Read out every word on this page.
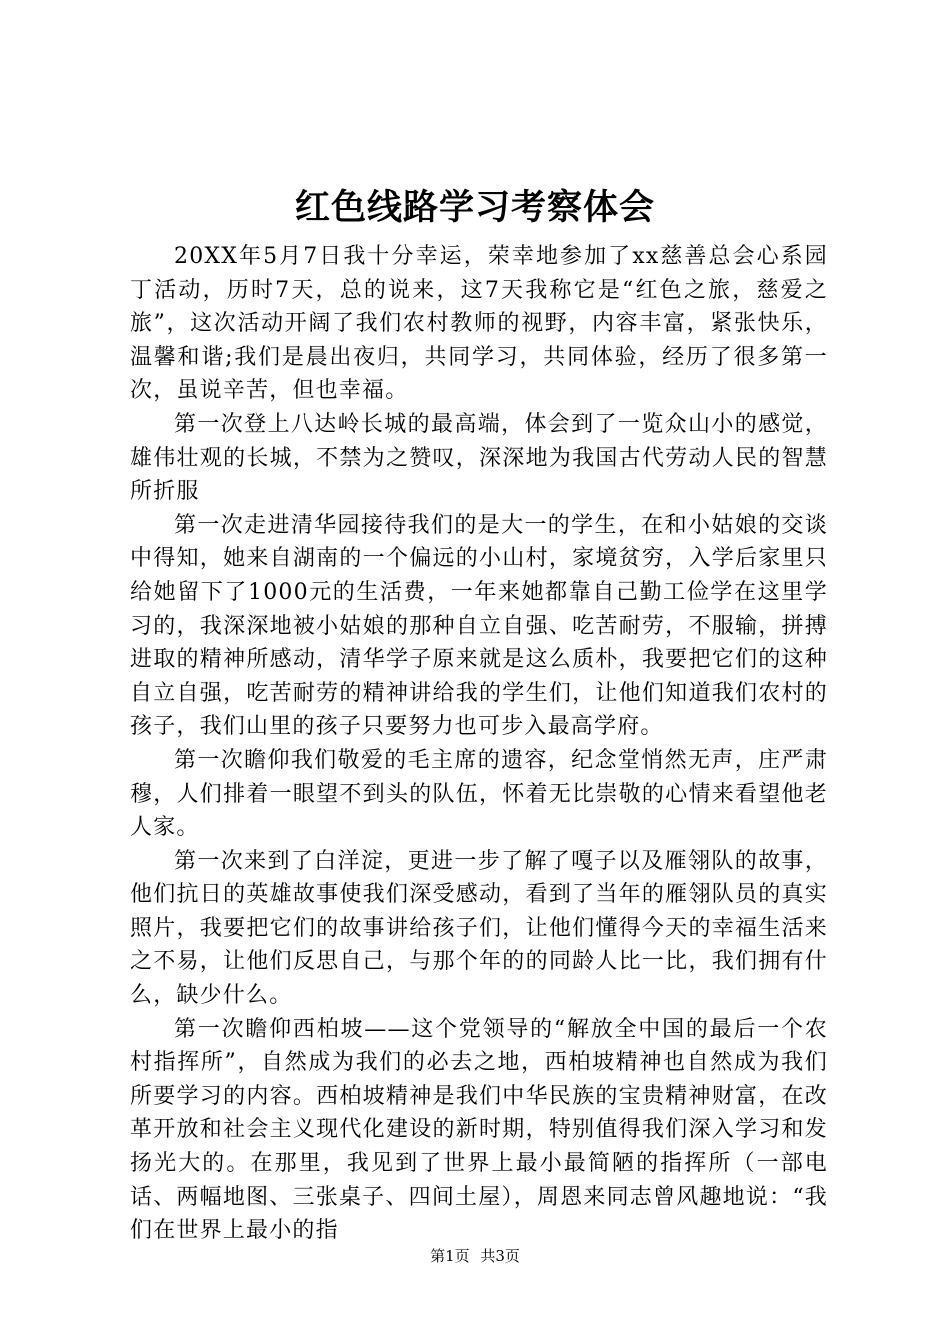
红色线路学习考察体会

20XX年5月7日我十分幸运，荣幸地参加了xx慈善总会心系园丁活动，历时7天，总的说来，这7天我称它是“红色之旅，慈爱之旅”，这次活动开阔了我们农村教师的视野，内容丰富，紧张快乐，温馨和谐;我们是晨出夜归，共同学习，共同体验，经历了很多第一次，虽说辛苦，但也幸福。

第一次登上八达岭长城的最高端，体会到了一览众山小的感觉，雄伟壮观的长城，不禁为之赞叹，深深地为我国古代劳动人民的智慧所折服

第一次走进清华园接待我们的是大一的学生，在和小姑娘的交谈中得知，她来自湖南的一个偏远的小山村，家境贫穷，入学后家里只给她留下了1000元的生活费，一年来她都靠自己勤工俭学在这里学习的，我深深地被小姑娘的那种自立自强、吃苦耐劳，不服输，拼搏进取的精神所感动，清华学子原来就是这么质朴，我要把它们的这种自立自强，吃苦耐劳的精神讲给我的学生们，让他们知道我们农村的孩子，我们山里的孩子只要努力也可步入最高学府。

第一次瞻仰我们敬爱的毛主席的遗容，纪念堂悄然无声，庄严肃穆，人们排着一眼望不到头的队伍，怀着无比崇敬的心情来看望他老人家。

第一次来到了白洋淀，更进一步了解了嘎子以及雁翎队的故事，他们抗日的英雄故事使我们深受感动，看到了当年的雁翎队员的真实照片，我要把它们的故事讲给孩子们，让他们懂得今天的幸福生活来之不易，让他们反思自己，与那个年的的同龄人比一比，我们拥有什么，缺少什么。

第一次瞻仰西柏坡——这个党领导的“解放全中国的最后一个农村指挥所”，自然成为我们的必去之地，西柏坡精神也自然成为我们所要学习的内容。西柏坡精神是我们中华民族的宝贵精神财富，在改革开放和社会主义现代化建设的新时期，特别值得我们深入学习和发扬光大的。在那里，我见到了世界上最小最简陋的指挥所（一部电话、两幅地图、三张桌子、四间土屋），周恩来同志曾风趣地说：“我们在世界上最小的指

第1页 共3页
